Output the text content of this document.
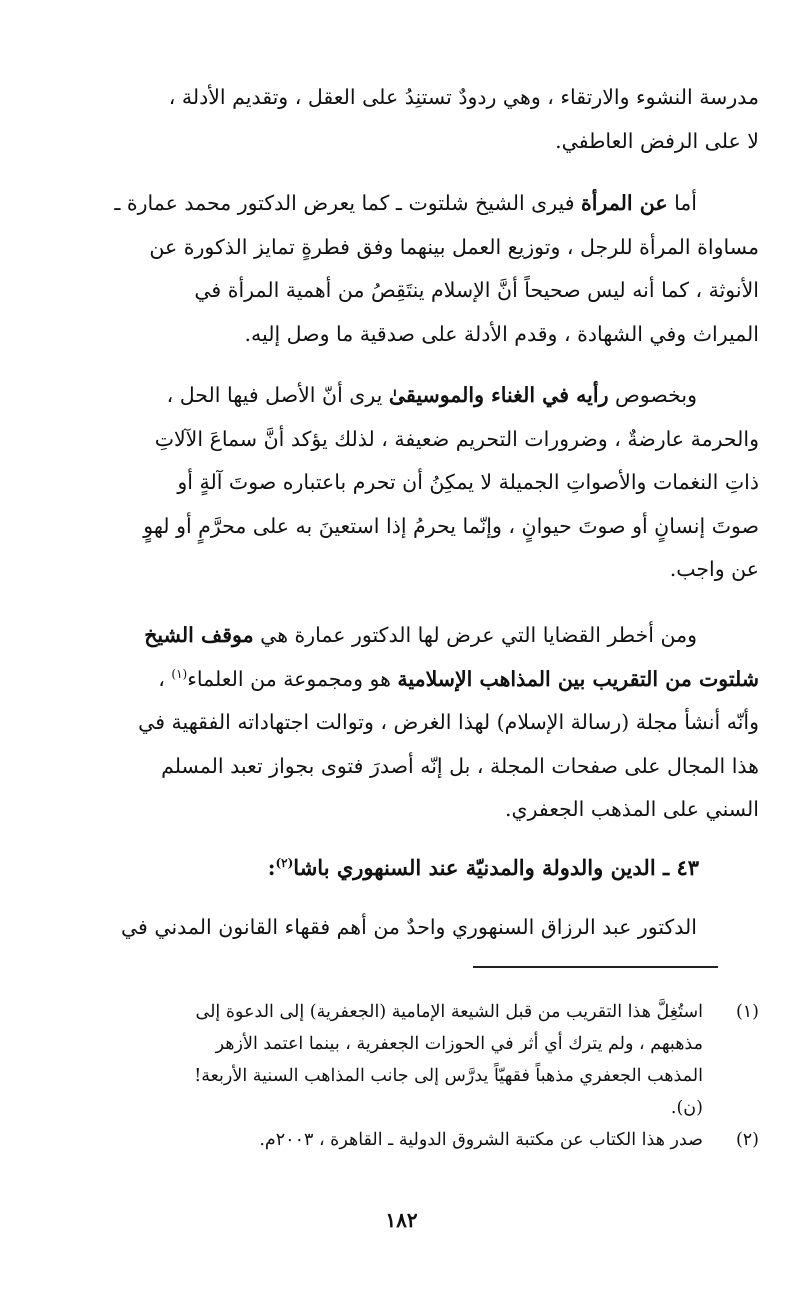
مدرسة النشوء والارتقاء ، وهي ردودٌ تستنِدُ على العقل ، وتقديم الأدلة ،
لا على الرفض العاطفي.

أما عن المرأة فيرى الشيخ شلتوت ـ كما يعرض الدكتور محمد عمارة ـ

مساواة المرأة للرجل ، وتوزيع العمل بينهما وفق فطرةٍ تمايز الذكورة عن
الأنوثة ، كما أنه ليس صحيحاً أنَّ الإسلام ينتَقِصُ من أهمية المرأة في
الميراث وفي الشهادة ، وقدم الأدلة على صدقية ما وصل إليه.

وبخصوص رأيه في الغناء والموسيقىٰ يرى أنّ الأصل فيها الحل ،

والحرمة عارضةٌ ، وضرورات التحريم ضعيفة ، لذلك يؤكد أنَّ سماعَ الآلاتِ
ذاتِ النغمات والأصواتِ الجميلة لا يمكِنُ أن تحرم باعتباره صوتَ آلةٍ أو
صوتَ إنسانٍ أو صوتَ حيوانٍ ، وإنّما يحرمُ إذا استعينَ به على محرَّمٍ أو لهوٍ
عن واجب.

ومن أخطر القضايا التي عرض لها الدكتور عمارة هي موقف الشيخ

شلتوت من التقريب بين المذاهب الإسلامية هو ومجموعة من العلماء$^{(١)}$ ،
وأنّه أنشأ مجلة (رسالة الإسلام) لهذا الغرض ، وتوالت اجتهاداته الفقهية في
هذا المجال على صفحات المجلة ، بل إنّه أصدرَ فتوى بجواز تعبد المسلم
السني على المذهب الجعفري.

٤٣ ـ الدين والدولة والمدنيّة عند السنهوري باشا$^{(٢)}$:

الدكتور عبد الرزاق السنهوري واحدٌ من أهم فقهاء القانون المدني في

(١)
استُغِلَّ هذا التقريب من قبل الشيعة الإمامية (الجعفرية) إلى الدعوة إلى
مذهبهم ، ولم يترك أي أثر في الحوزات الجعفرية ، بينما اعتمد الأزهر
المذهب الجعفري مذهباً فقهيّاً يدرَّس إلى جانب المذاهب السنية الأربعة!
(ن).
(٢)
صدر هذا الكتاب عن مكتبة الشروق الدولية ـ القاهرة ، ٢٠٠٣م.
١٨٢
